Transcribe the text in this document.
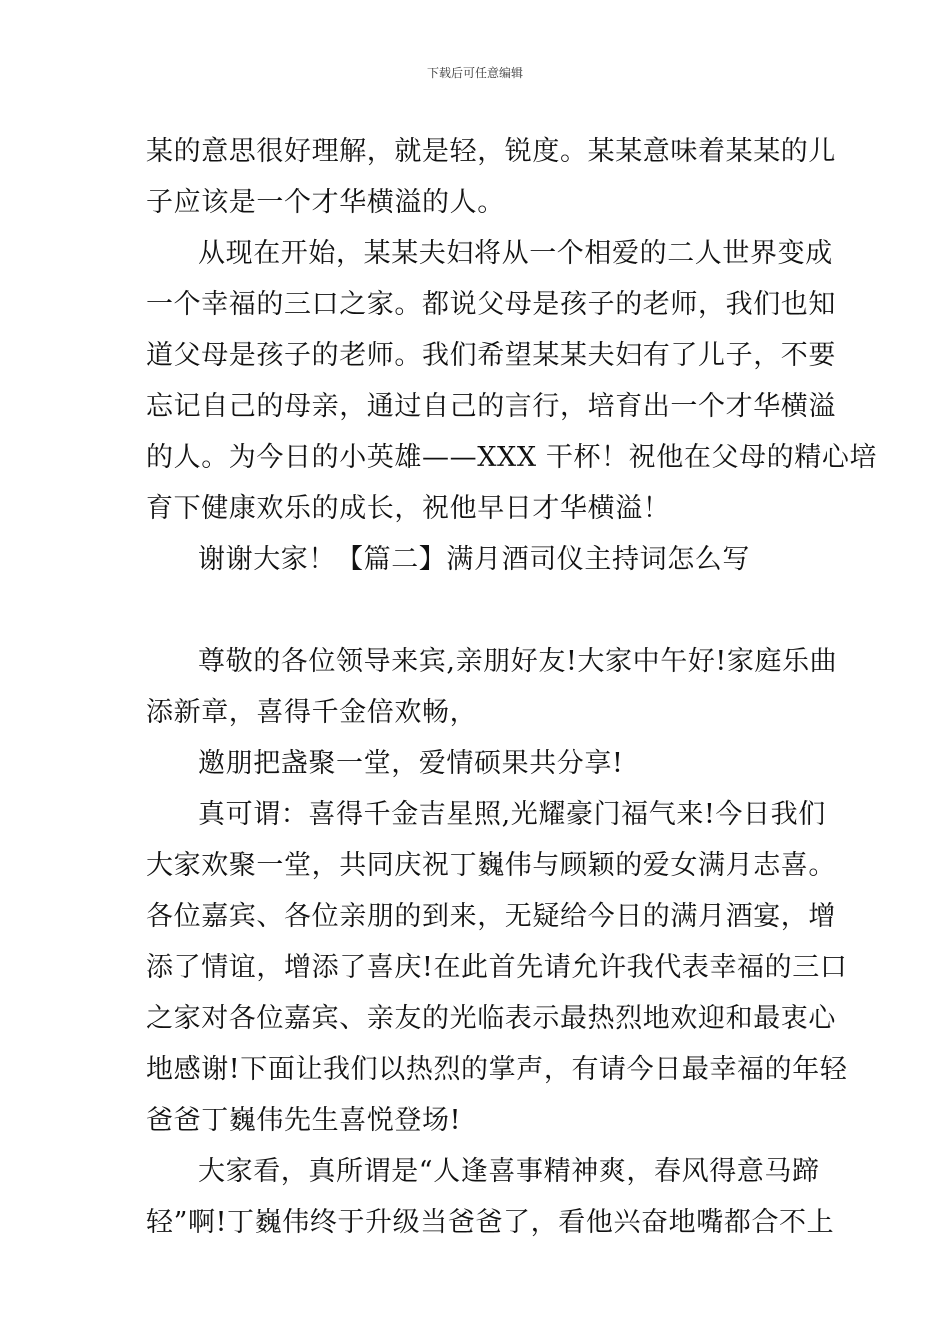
下载后可任意编辑
某的意思很好理解，就是轻，锐度。某某意味着某某的儿
子应该是一个才华横溢的人。
从现在开始，某某夫妇将从一个相爱的二人世界变成
一个幸福的三口之家。都说父母是孩子的老师，我们也知
道父母是孩子的老师。我们希望某某夫妇有了儿子，不要
忘记自己的母亲，通过自己的言行，培育出一个才华横溢
的人。为今日的小英雄——XXX 干杯！祝他在父母的精心培
育下健康欢乐的成长，祝他早日才华横溢！
谢谢大家！【篇二】满月酒司仪主持词怎么写
尊敬的各位领导来宾,亲朋好友!大家中午好!家庭乐曲
添新章，喜得千金倍欢畅，
邀朋把盏聚一堂，爱情硕果共分享!
真可谓：喜得千金吉星照,光耀豪门福气来!今日我们
大家欢聚一堂，共同庆祝丁巍伟与顾颖的爱女满月志喜。
各位嘉宾、各位亲朋的到来，无疑给今日的满月酒宴，增
添了情谊，增添了喜庆!在此首先请允许我代表幸福的三口
之家对各位嘉宾、亲友的光临表示最热烈地欢迎和最衷心
地感谢!下面让我们以热烈的掌声，有请今日最幸福的年轻
爸爸丁巍伟先生喜悦登场!
大家看，真所谓是“人逢喜事精神爽，春风得意马蹄
轻”啊!丁巍伟终于升级当爸爸了，看他兴奋地嘴都合不上
